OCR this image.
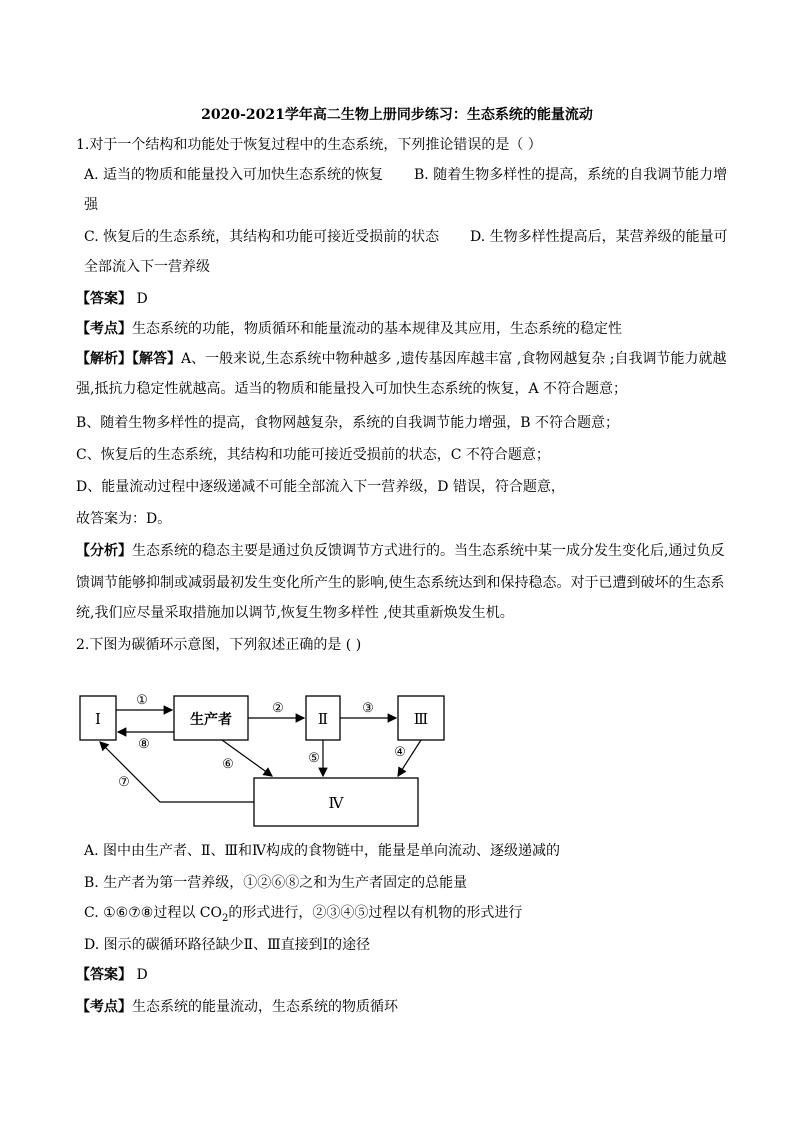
2020-2021学年高二生物上册同步练习：生态系统的能量流动
1.对于一个结构和功能处于恢复过程中的生态系统，下列推论错误的是（ ）
A. 适当的物质和能量投入可加快生态系统的恢复 B. 随着生物多样性的提高，系统的自我调节能力增
强
C. 恢复后的生态系统，其结构和功能可接近受损前的状态 D. 生物多样性提高后，某营养级的能量可
全部流入下一营养级
【答案】 D
【考点】生态系统的功能，物质循环和能量流动的基本规律及其应用，生态系统的稳定性
【解析】【解答】A、一般来说,生态系统中物种越多 ,遗传基因库越丰富 ,食物网越复杂 ;自我调节能力就越
强,抵抗力稳定性就越高。适当的物质和能量投入可加快生态系统的恢复，A 不符合题意；
B、随着生物多样性的提高，食物网越复杂，系统的自我调节能力增强，B 不符合题意；
C、恢复后的生态系统，其结构和功能可接近受损前的状态，C 不符合题意；
D、能量流动过程中逐级递减不可能全部流入下一营养级，D 错误，符合题意，
故答案为：D。
【分析】生态系统的稳态主要是通过负反馈调节方式进行的。当生态系统中某一成分发生变化后,通过负反
馈调节能够抑制或减弱最初发生变化所产生的影响,使生态系统达到和保持稳态。对于已遭到破坏的生态系
统,我们应尽量采取措施加以调节,恢复生物多样性 ,使其重新焕发生机。
2.下图为碳循环示意图，下列叙述正确的是 ( )
Ⅰ	生产者	Ⅱ	Ⅲ
Ⅳ
①
⑧
②	③
⑤
⑥
④
⑦
A. 图中由生产者、Ⅱ、Ⅲ和Ⅳ构成的食物链中，能量是单向流动、逐级递减的
B. 生产者为第一营养级，①②⑥⑧之和为生产者固定的总能量
C. ①⑥⑦⑧过程以 $CO_2$的形式进行，②③④⑤过程以有机物的形式进行
D. 图示的碳循环路径缺少Ⅱ、Ⅲ直接到Ⅰ的途径
【答案】 D
【考点】生态系统的能量流动，生态系统的物质循环
